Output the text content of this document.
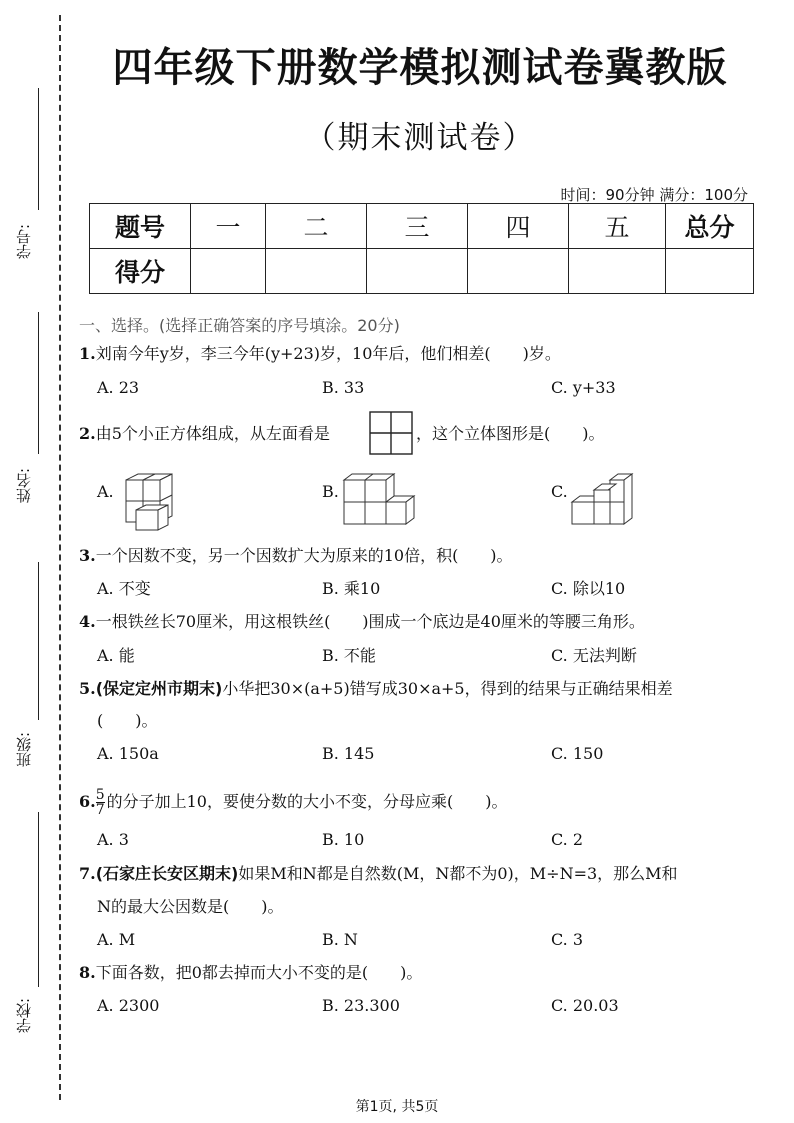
学号:
姓名:
班级:
学校:
四年级下册数学模拟测试卷冀教版
（期末测试卷）
时间：90分钟 满分：100分
题号	一	二	三	四	五	总分
得分						
一、选择。(选择正确答案的序号填涂。20分)
1.刘南今年y岁，李三今年(y+23)岁，10年后，他们相差(　　)岁。
A. 23	B. 33	C. y+33
2.由5个小正方体组成，从左面看是	，这个立体图形是(　　)。
A.	B.	C.
3.一个因数不变，另一个因数扩大为原来的10倍，积(　　)。
A. 不变	B. 乘10	C. 除以10
4.一根铁丝长70厘米，用这根铁丝(　　)围成一个底边是40厘米的等腰三角形。
A. 能	B. 不能	C. 无法判断
5.(保定定州市期末)小华把30×(a+5)错写成30×a+5，得到的结果与正确结果相差
(　　)。
A. 150a	B. 145	C. 150
6. $\frac{5}{7}$ 的分子加上10，要使分数的大小不变，分母应乘(　　)。
A. 3	B. 10	C. 2
7.(石家庄长安区期末)如果M和N都是自然数(M，N都不为0)，M÷N=3，那么M和
N的最大公因数是(　　)。
A. M	B. N	C. 3
8.下面各数，把0都去掉而大小不变的是(　　)。
A. 2300	B. 23.300	C. 20.03
第1页, 共5页
